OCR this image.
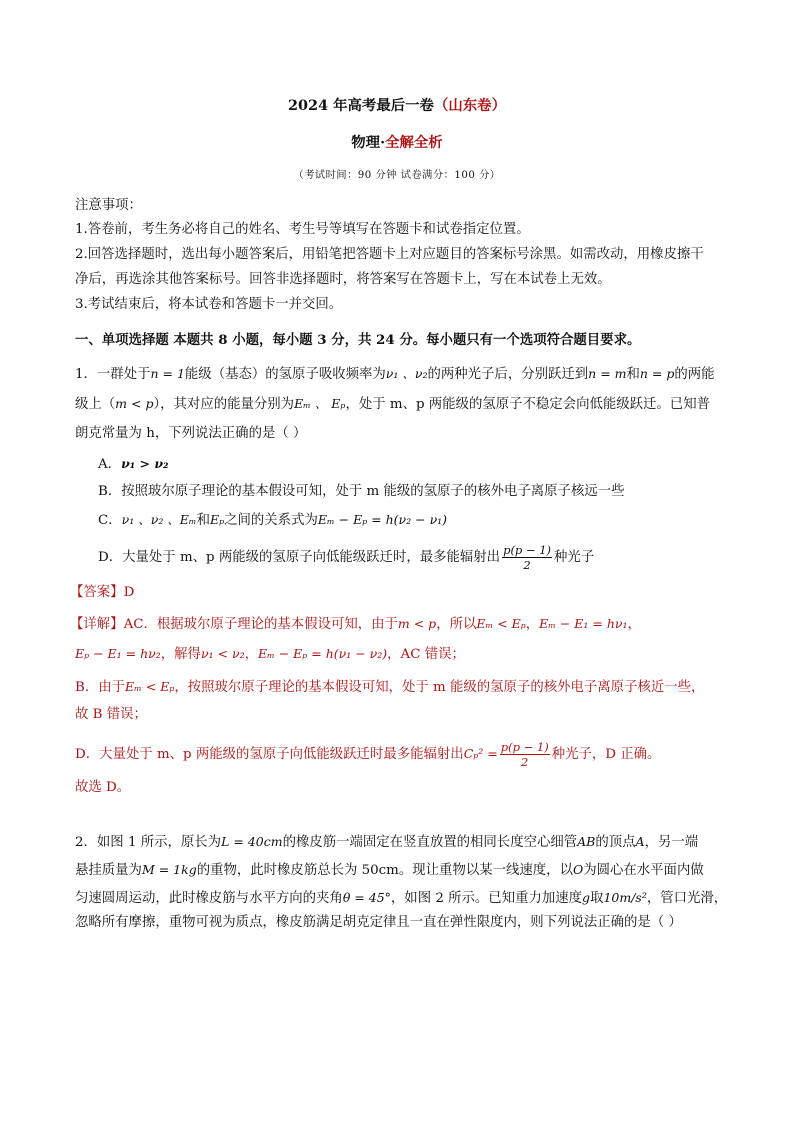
2024 年高考最后一卷（山东卷）
物理·全解全析
（考试时间：90 分钟 试卷满分：100 分）
注意事项：
1.答卷前，考生务必将自己的姓名、考生号等填写在答题卡和试卷指定位置。
2.回答选择题时，选出每小题答案后，用铅笔把答题卡上对应题目的答案标号涂黑。如需改动，用橡皮擦干
净后，再选涂其他答案标号。回答非选择题时，将答案写在答题卡上，写在本试卷上无效。
3.考试结束后，将本试卷和答题卡一并交回。
一、单项选择题 本题共 8 小题，每小题 3 分，共 24 分。每小题只有一个选项符合题目要求。
1．一群处于n = 1能级（基态）的氢原子吸收频率为ν₁ 、ν₂的两种光子后，分别跃迁到n = m和n = p的两能
级上（m < p），其对应的能量分别为Eₘ 、 Eₚ，处于 m、p 两能级的氢原子不稳定会向低能级跃迁。已知普
朗克常量为 h，下列说法正确的是（ ）
A．ν₁ > ν₂
B．按照玻尔原子理论的基本假设可知，处于 m 能级的氢原子的核外电子离原子核远一些
C．ν₁ 、ν₂ 、Eₘ和Eₚ之间的关系式为Eₘ − Eₚ = h(ν₂ − ν₁)
D．大量处于 m、p 两能级的氢原子向低能级跃迁时，最多能辐射出 $\frac{p(p - 1)}{2}$ 种光子
【答案】D
【详解】AC．根据玻尔原子理论的基本假设可知，由于m < p，所以Eₘ < Eₚ，Eₘ − E₁ = hν₁，
Eₚ − E₁ = hν₂，解得ν₁ < ν₂，Eₘ − Eₚ = h(ν₁ − ν₂)，AC 错误；
B．由于Eₘ < Eₚ，按照玻尔原子理论的基本假设可知，处于 m 能级的氢原子的核外电子离原子核近一些，
故 B 错误；
D．大量处于 m、p 两能级的氢原子向低能级跃迁时最多能辐射出$C_p^2 = \frac{p(p - 1)}{2}$ 种光子，D 正确。
故选 D。
2．如图 1 所示，原长为L = 40cm的橡皮筋一端固定在竖直放置的相同长度空心细管AB的顶点A，另一端
悬挂质量为M = 1kg的重物，此时橡皮筋总长为 50cm。现让重物以某一线速度，以O为圆心在水平面内做
匀速圆周运动，此时橡皮筋与水平方向的夹角θ = 45°，如图 2 所示。已知重力加速度g取10m/s²，管口光滑，
忽略所有摩擦，重物可视为质点，橡皮筋满足胡克定律且一直在弹性限度内，则下列说法正确的是（ ）
